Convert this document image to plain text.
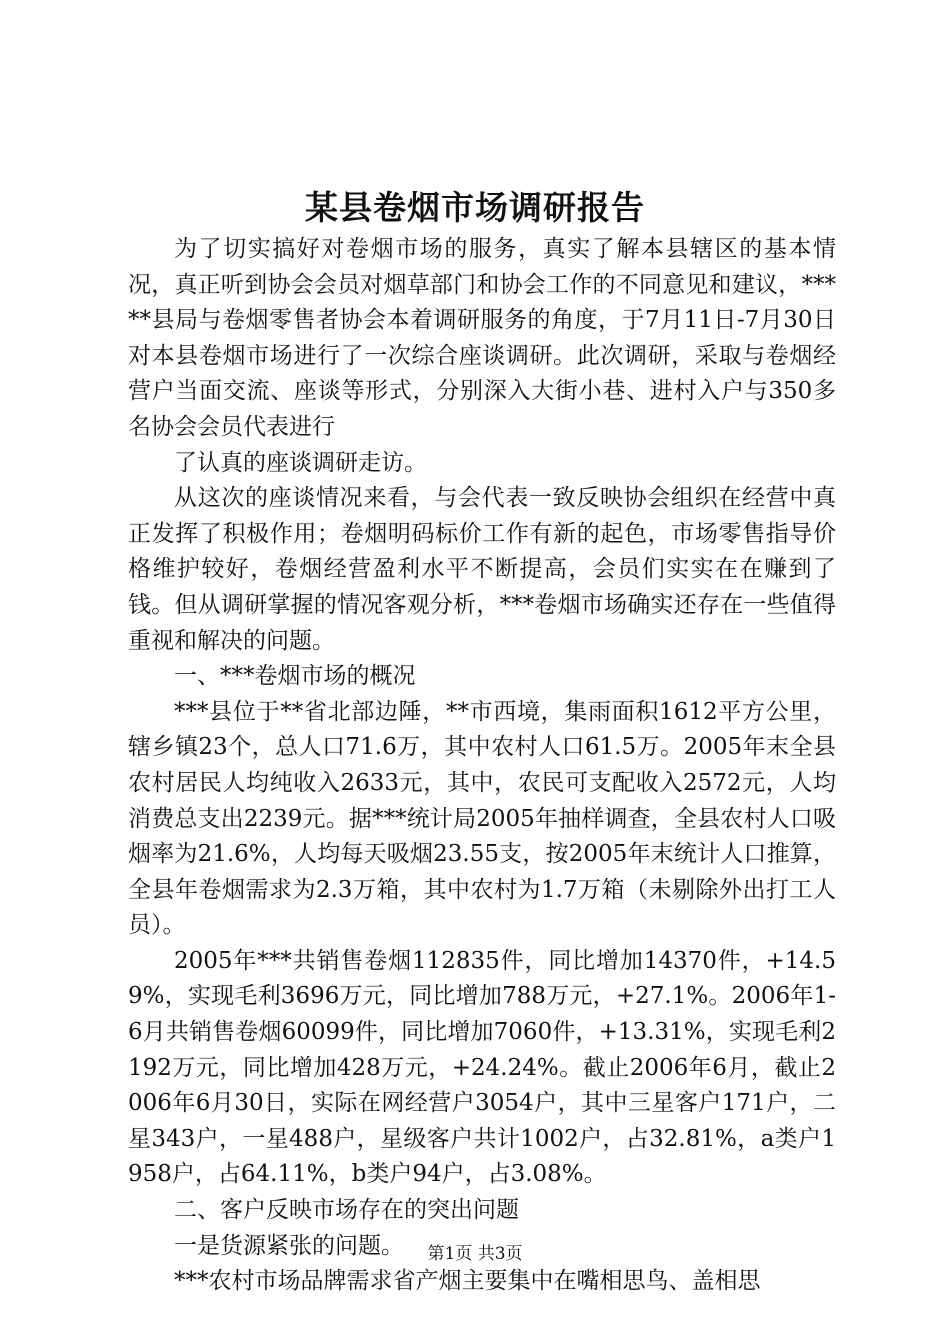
某县卷烟市场调研报告

为了切实搞好对卷烟市场的服务，真实了解本县辖区的基本情况，真正听到协会会员对烟草部门和协会工作的不同意见和建议，*****县局与卷烟零售者协会本着调研服务的角度，于7月11日-7月30日对本县卷烟市场进行了一次综合座谈调研。此次调研，采取与卷烟经营户当面交流、座谈等形式，分别深入大街小巷、进村入户与350多名协会会员代表进行

了认真的座谈调研走访。

从这次的座谈情况来看，与会代表一致反映协会组织在经营中真正发挥了积极作用；卷烟明码标价工作有新的起色，市场零售指导价格维护较好，卷烟经营盈利水平不断提高，会员们实实在在赚到了钱。但从调研掌握的情况客观分析，***卷烟市场确实还存在一些值得重视和解决的问题。

一、***卷烟市场的概况

***县位于**省北部边陲，**市西境，集雨面积1612平方公里，辖乡镇23个，总人口71.6万，其中农村人口61.5万。2005年末全县农村居民人均纯收入2633元，其中，农民可支配收入2572元，人均消费总支出2239元。据***统计局2005年抽样调查，全县农村人口吸烟率为21.6%，人均每天吸烟23.55支，按2005年末统计人口推算，全县年卷烟需求为2.3万箱，其中农村为1.7万箱（未剔除外出打工人员）。

2005年***共销售卷烟112835件，同比增加14370件，+14.59%，实现毛利3696万元，同比增加788万元，+27.1%。2006年1-6月共销售卷烟60099件，同比增加7060件，+13.31%，实现毛利2192万元，同比增加428万元，+24.24%。截止2006年6月，截止2006年6月30日，实际在网经营户3054户，其中三星客户171户，二星343户，一星488户，星级客户共计1002户，占32.81%，a类户1958户，占64.11%，b类户94户，占3.08%。

二、客户反映市场存在的突出问题

一是货源紧张的问题。

***农村市场品牌需求省产烟主要集中在嘴相思鸟、盖相思

第1页 共3页
